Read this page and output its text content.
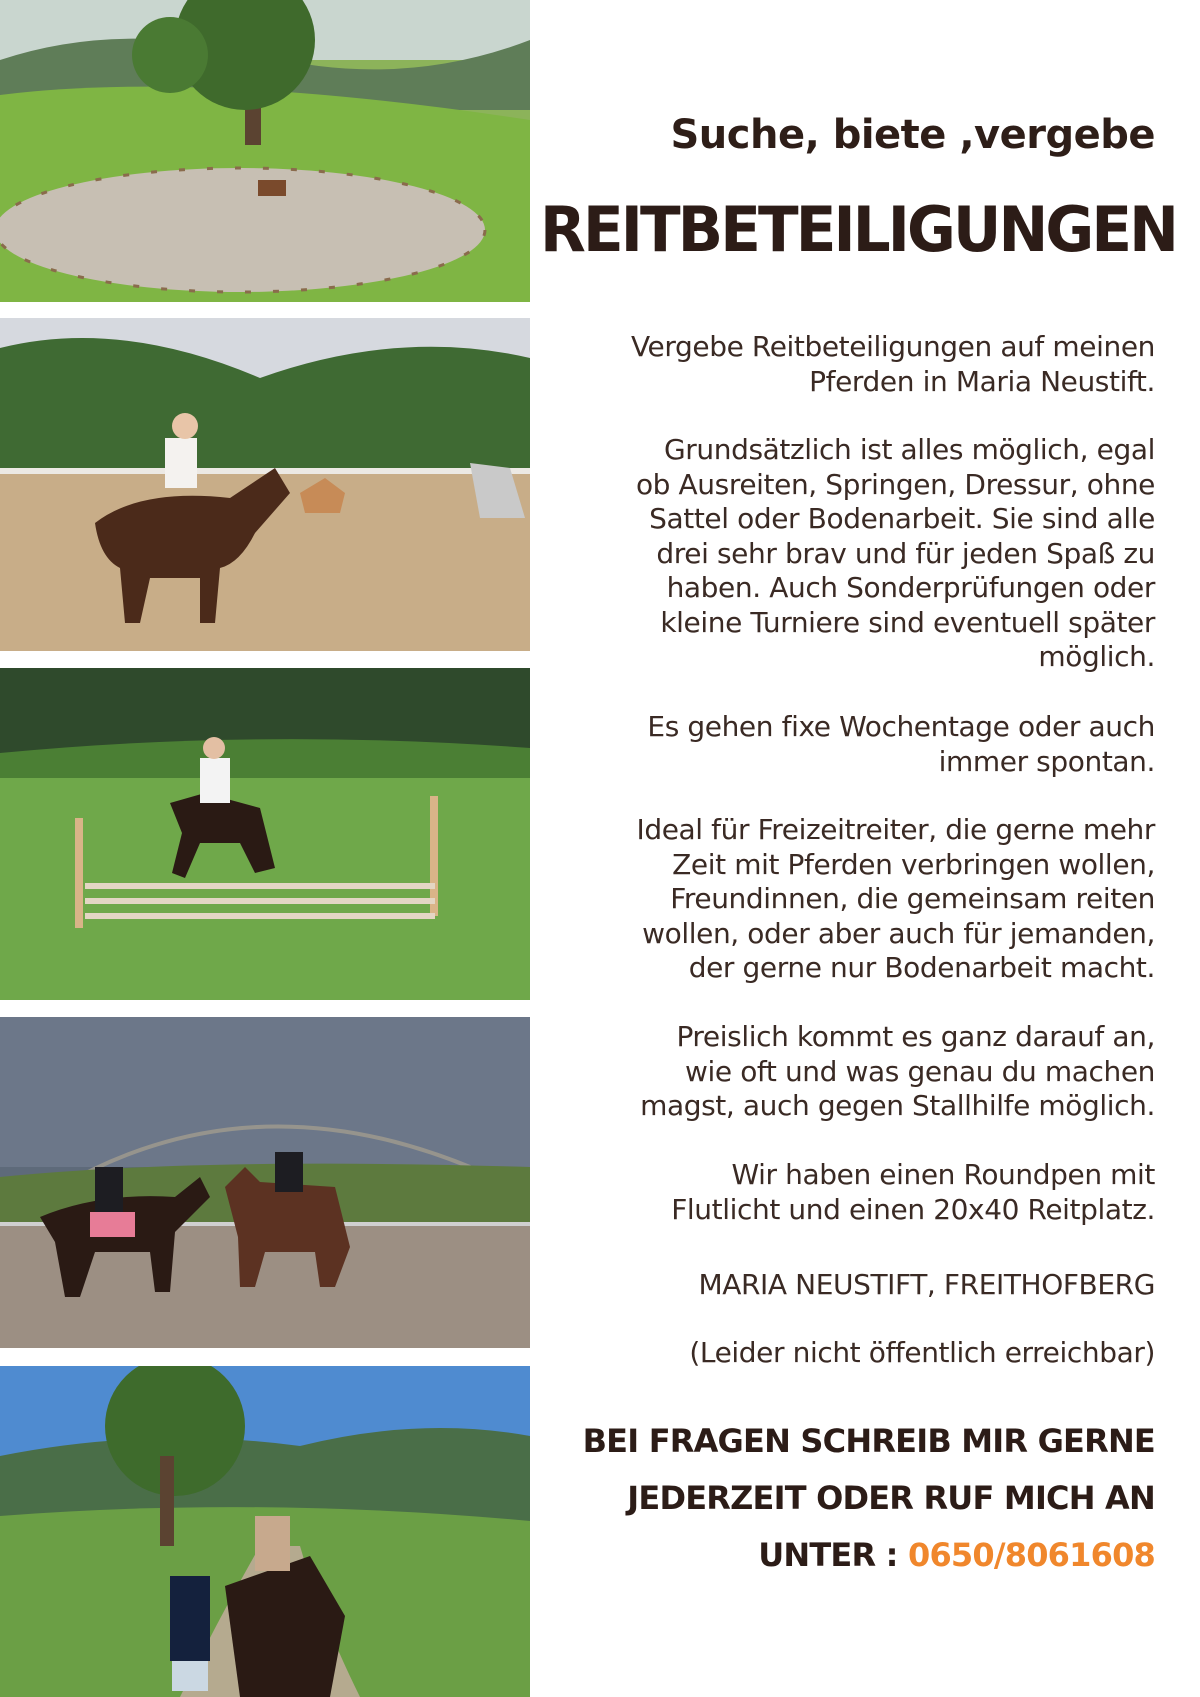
Suche, biete ,vergebe
REITBETEILIGUNGEN
Vergebe Reitbeteiligungen auf meinen
Pferden in Maria Neustift.
Grundsätzlich ist alles möglich, egal
ob Ausreiten, Springen, Dressur, ohne
Sattel oder Bodenarbeit. Sie sind alle
drei sehr brav und für jeden Spaß zu
haben. Auch Sonderprüfungen oder
kleine Turniere sind eventuell später
möglich.
Es gehen fixe Wochentage oder auch
immer spontan.
Ideal für Freizeitreiter, die gerne mehr
Zeit mit Pferden verbringen wollen,
Freundinnen, die gemeinsam reiten
wollen, oder aber auch für jemanden,
der gerne nur Bodenarbeit macht.
Preislich kommt es ganz darauf an,
wie oft und was genau du machen
magst, auch gegen Stallhilfe möglich.
Wir haben einen Roundpen mit
Flutlicht und einen 20x40 Reitplatz.
MARIA NEUSTIFT, FREITHOFBERG
(Leider nicht öffentlich erreichbar)
BEI FRAGEN SCHREIB MIR GERNE
JEDERZEIT ODER RUF MICH AN
UNTER : 0650/8061608
